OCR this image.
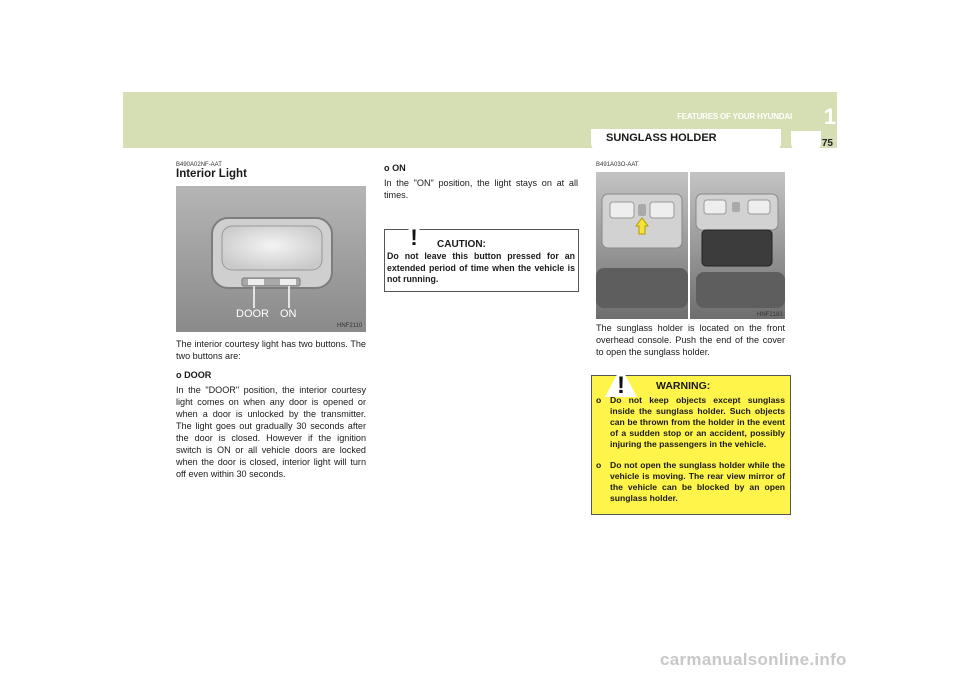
FEATURES OF YOUR HYUNDAI 1
75
SUNGLASS HOLDER
B490A02NF-AAT
Interior Light
DOOR ON
HNF2110
The interior courtesy light has two buttons. The two buttons are:
o DOOR
In the "DOOR" position, the interior courtesy light comes on when any door is opened or when a door is unlocked by the transmitter. The light goes out gradually 30 seconds after the door is closed. However if the ignition switch is ON or all vehicle doors are locked when the door is closed, interior light will turn off even within 30 seconds.
o ON
In the "ON" position, the light stays on at all times.
! CAUTION:
Do not leave this button pressed for an extended period of time when the vehicle is not running.
B491A03O-AAT
HNF2183
The sunglass holder is located on the front overhead console. Push the end of the cover to open the sunglass holder.
!	WARNING:
o Do not keep objects except sunglass inside the sunglass holder. Such objects can be thrown from the holder in the event of a sudden stop or an accident, possibly injuring the passengers in the vehicle.
o Do not open the sunglass holder while the vehicle is moving. The rear view mirror of the vehicle can be blocked by an open sunglass holder.
carmanualsonline.info
